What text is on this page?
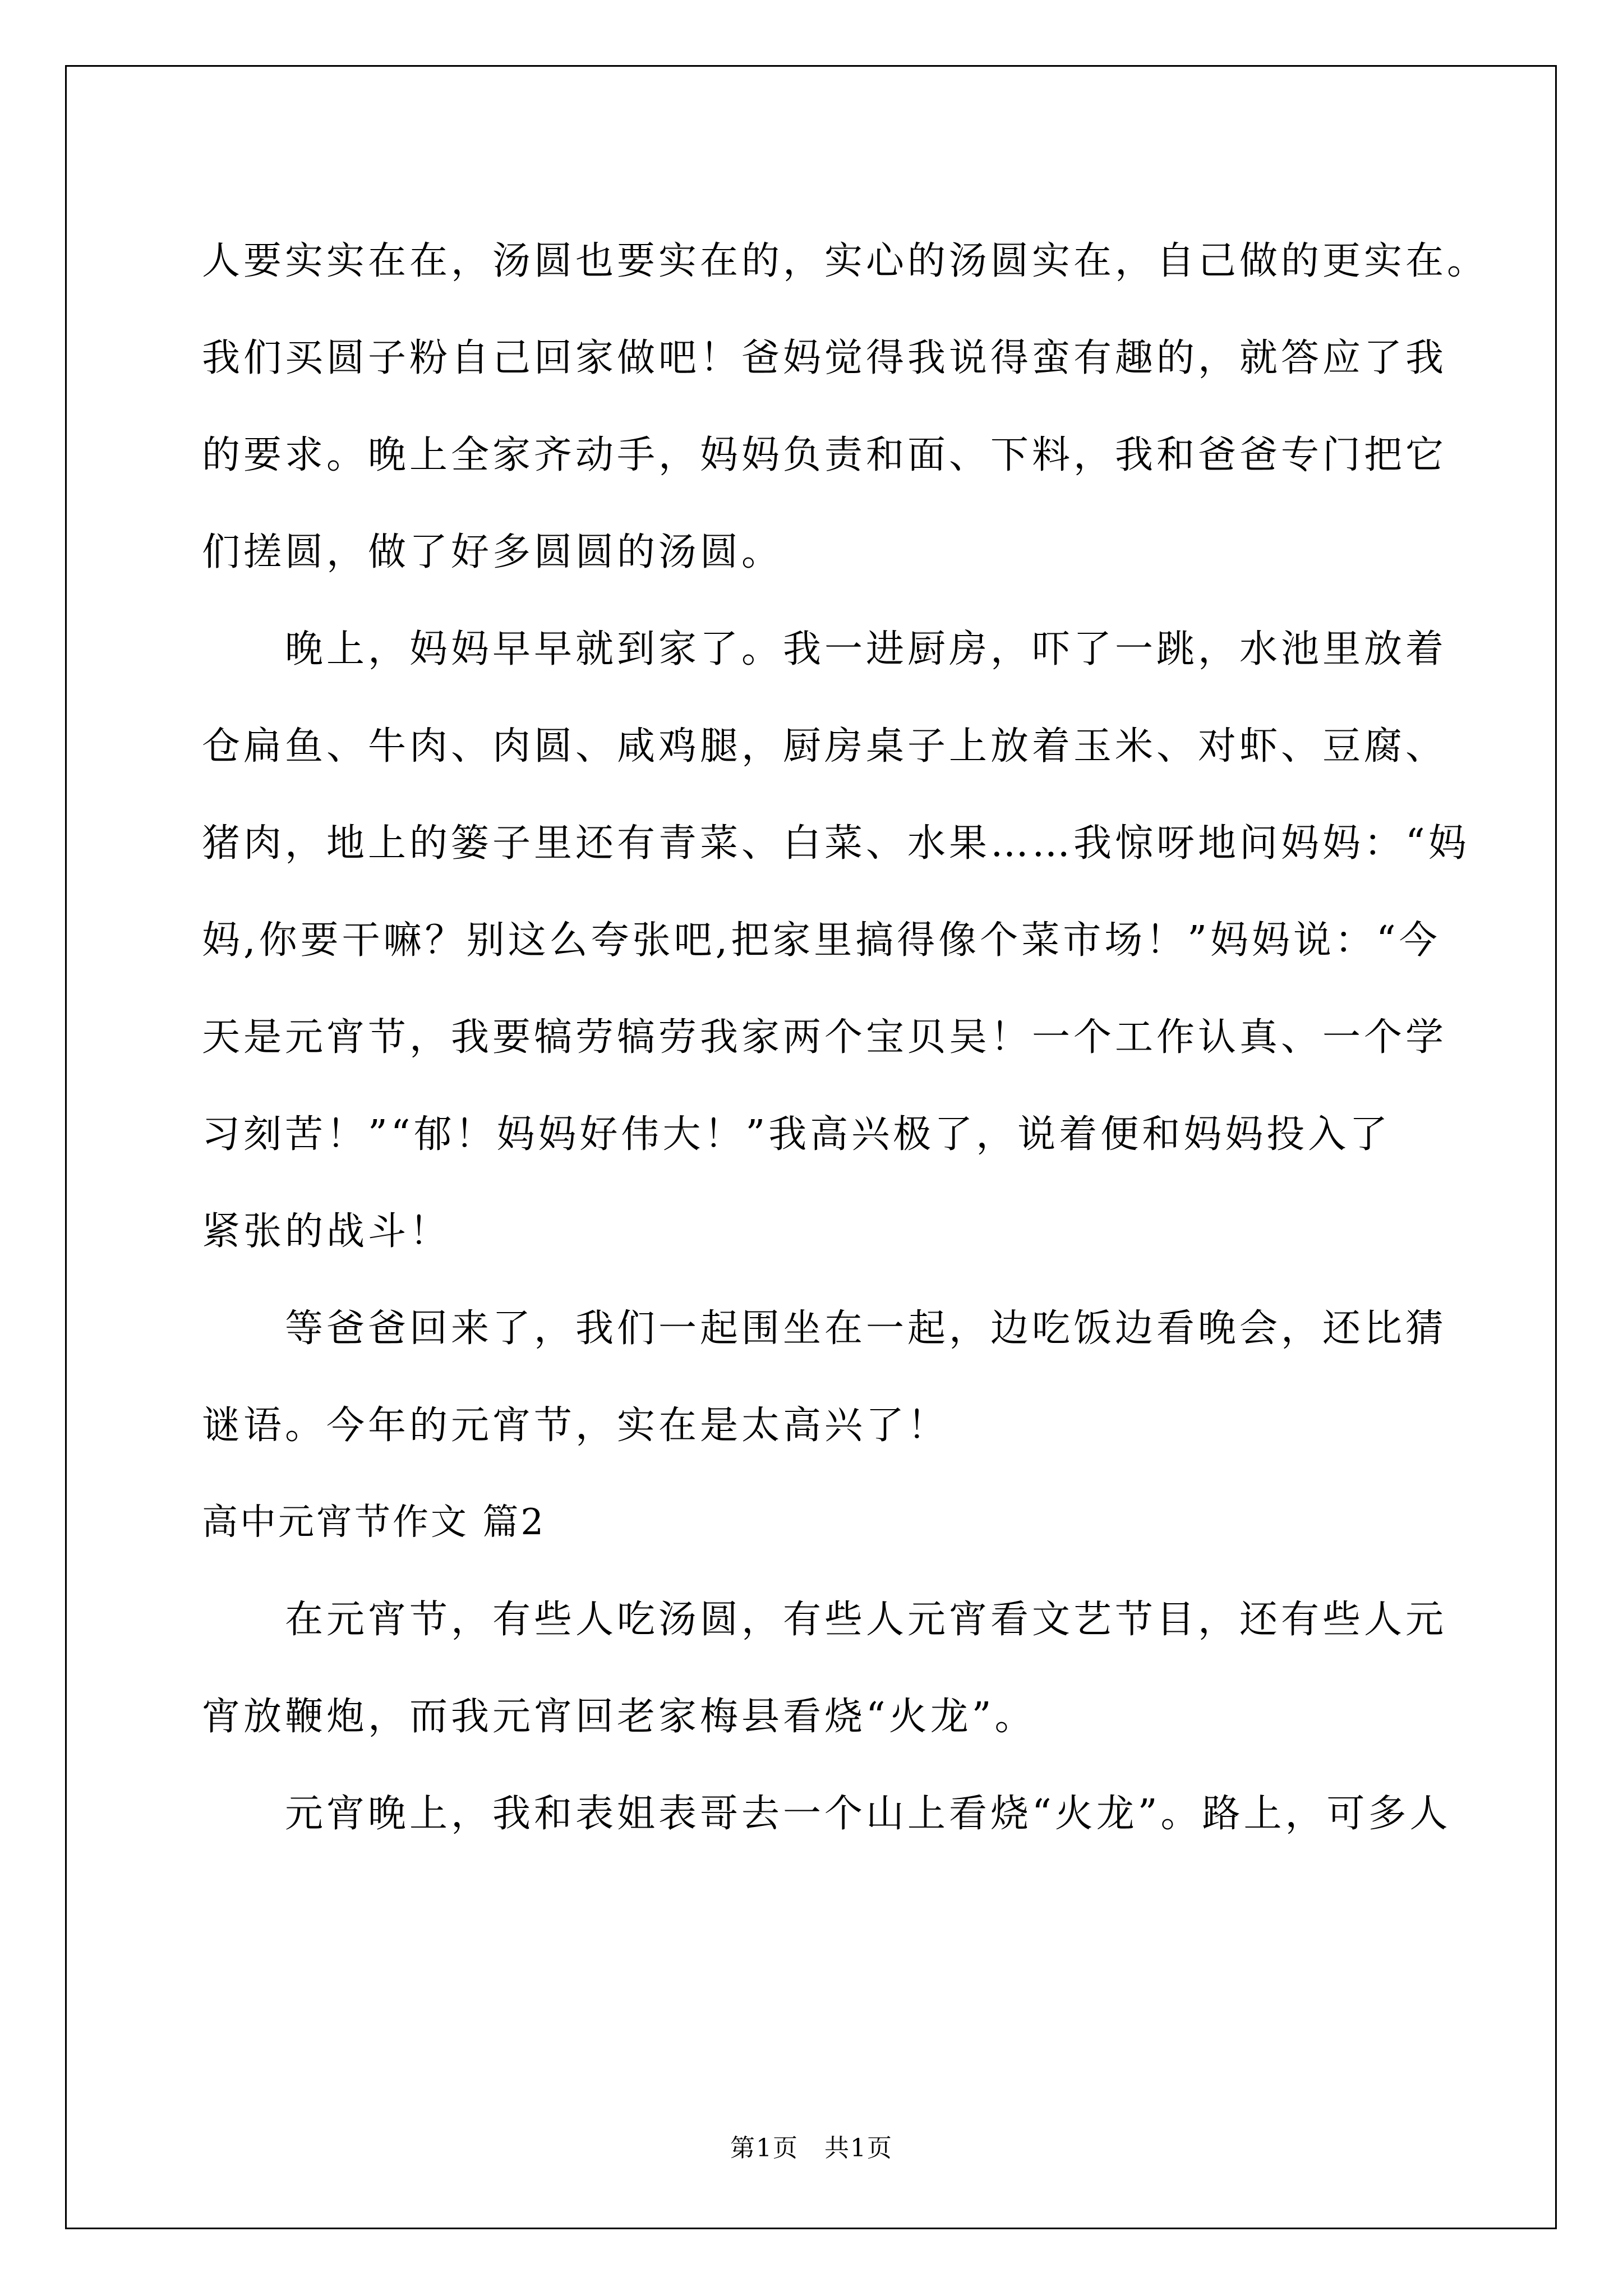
人要实实在在，汤圆也要实在的，实心的汤圆实在，自己做的更实在。

我们买圆子粉自己回家做吧！爸妈觉得我说得蛮有趣的，就答应了我

的要求。晚上全家齐动手，妈妈负责和面、下料，我和爸爸专门把它

们搓圆，做了好多圆圆的汤圆。

晚上，妈妈早早就到家了。我一进厨房，吓了一跳，水池里放着

仓扁鱼、牛肉、肉圆、咸鸡腿，厨房桌子上放着玉米、对虾、豆腐、

猪肉，地上的篓子里还有青菜、白菜、水果……我惊呀地问妈妈：“妈

妈,你要干嘛？别这么夸张吧,把家里搞得像个菜市场！”妈妈说：“今

天是元宵节，我要犒劳犒劳我家两个宝贝吴！一个工作认真、一个学

习刻苦！”“郁！妈妈好伟大！”我高兴极了，说着便和妈妈投入了

紧张的战斗！

等爸爸回来了，我们一起围坐在一起，边吃饭边看晚会，还比猜

谜语。今年的元宵节，实在是太高兴了！

高中元宵节作文 篇2

在元宵节，有些人吃汤圆，有些人元宵看文艺节目，还有些人元

宵放鞭炮，而我元宵回老家梅县看烧“火龙”。

元宵晚上，我和表姐表哥去一个山上看烧“火龙”。路上，可多人

第1页　共1页
